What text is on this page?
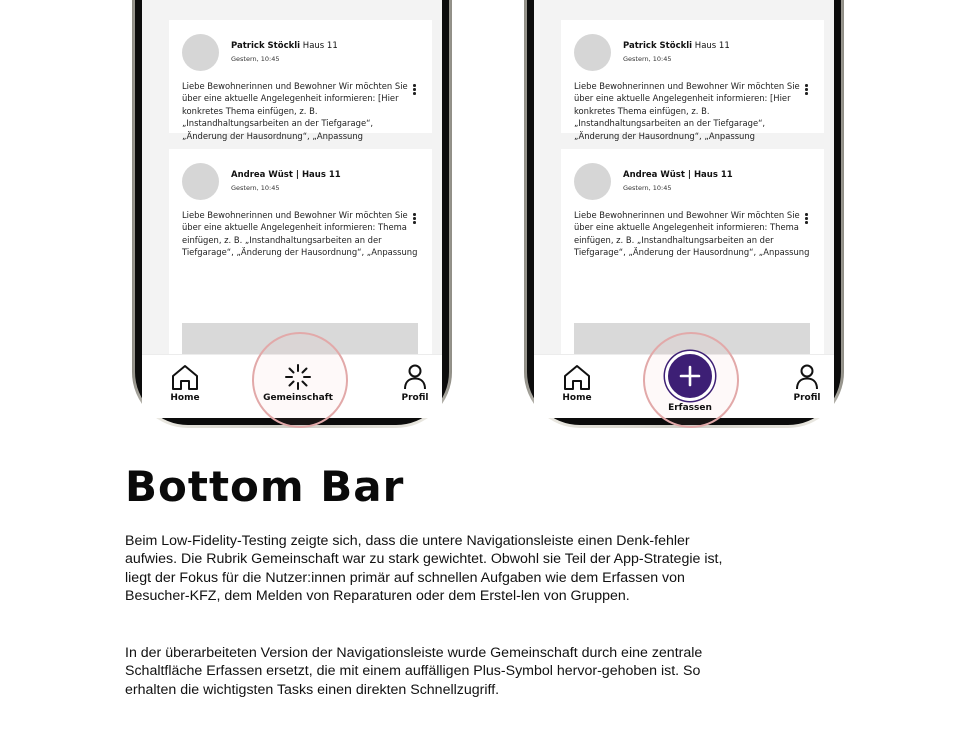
Patrick Stöckli Haus 11
Gestern, 10:45
Liebe Bewohnerinnen und Bewohner Wir möchten Sie über eine aktuelle Angelegenheit informieren: [Hier konkretes Thema einfügen, z. B. „Instandhaltungsarbeiten an der Tiefgarage“, „Änderung der Hausordnung“, „Anpassung
Andrea Wüst | Haus 11
Gestern, 10:45
Liebe Bewohnerinnen und Bewohner Wir möchten Sie über eine aktuelle Angelegenheit informieren: Thema einfügen, z. B. „Instandhaltungsarbeiten an der Tiefgarage“, „Änderung der Hausordnung“, „Anpassung
Home	Gemeinschaft	Profil
Patrick Stöckli Haus 11
Gestern, 10:45
Liebe Bewohnerinnen und Bewohner Wir möchten Sie über eine aktuelle Angelegenheit informieren: [Hier konkretes Thema einfügen, z. B. „Instandhaltungsarbeiten an der Tiefgarage“, „Änderung der Hausordnung“, „Anpassung
Andrea Wüst | Haus 11
Gestern, 10:45
Liebe Bewohnerinnen und Bewohner Wir möchten Sie über eine aktuelle Angelegenheit informieren: Thema einfügen, z. B. „Instandhaltungsarbeiten an der Tiefgarage“, „Änderung der Hausordnung“, „Anpassung
Home
Erfassen
Profil
Bottom Bar

Beim Low-Fidelity-Testing zeigte sich, dass die untere Navigationsleiste einen Denk-fehler aufwies. Die Rubrik Gemeinschaft war zu stark gewichtet. Obwohl sie Teil der App-Strategie ist, liegt der Fokus für die Nutzer:innen primär auf schnellen Aufgaben wie dem Erfassen von Besucher-KFZ, dem Melden von Reparaturen oder dem Erstel-len von Gruppen.

In der überarbeiteten Version der Navigationsleiste wurde Gemeinschaft durch eine zentrale Schaltfläche Erfassen ersetzt, die mit einem auffälligen Plus-Symbol hervor-gehoben ist. So erhalten die wichtigsten Tasks einen direkten Schnellzugriff.
